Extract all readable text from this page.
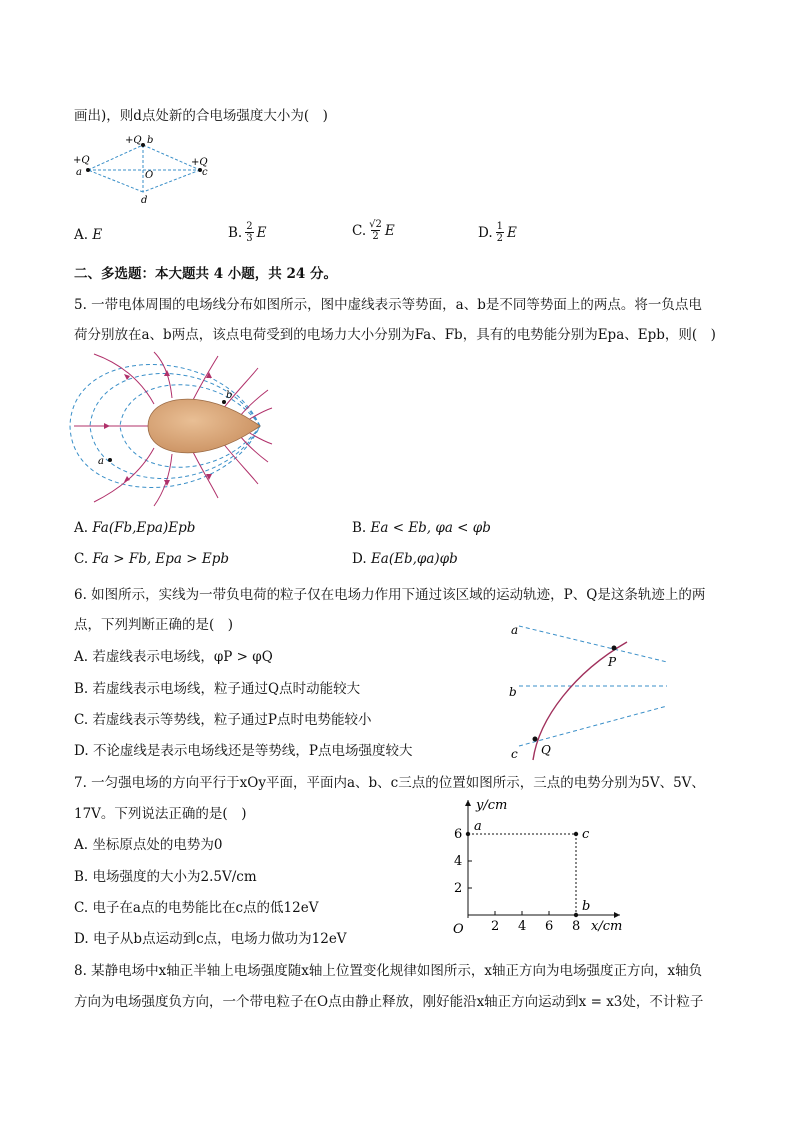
画出)，则d点处新的合电场强度大小为(　)
+Q b
+Q
a	O
+Q
c
d
A. E	B. 2
3 E	C. √2
2 E	D. 1
2 E
二、多选题：本大题共 4 小题，共 24 分。
5. 一带电体周围的电场线分布如图所示，图中虚线表示等势面，a、b是不同等势面上的两点。将一负点电
荷分别放在a、b两点，该点电荷受到的电场力大小分别为Fa、Fb，具有的电势能分别为Epa、Epb，则(　)
b
a
A. Fa(Fb,Epa)Epb	B. Ea < Eb, φa < φb
C. Fa > Fb, Epa > Epb	D. Ea(Eb,φa)φb
6. 如图所示，实线为一带负电荷的粒子仅在电场力作用下通过该区域的运动轨迹，P、Q是这条轨迹上的两
点，下列判断正确的是(　)
A. 若虚线表示电场线，φP > φQ
B. 若虚线表示电场线，粒子通过Q点时动能较大
C. 若虚线表示等势线，粒子通过P点时电势能较小
D. 不论虚线是表示电场线还是等势线，P点电场强度较大
a
b
c
P
Q
7. 一匀强电场的方向平行于xOy平面，平面内a、b、c三点的位置如图所示，三点的电势分别为5V、5V、
17V。下列说法正确的是(　)
A. 坐标原点处的电势为0
B. 电场强度的大小为2.5V/cm
C. 电子在a点的电势能比在c点的低12eV
D. 电子从b点运动到c点，电场力做功为12eV
y/cm
x/cm
O
2
4
6
2 4 6 8
a
c
b
8. 某静电场中x轴正半轴上电场强度随x轴上位置变化规律如图所示，x轴正方向为电场强度正方向，x轴负
方向为电场强度负方向，一个带电粒子在O点由静止释放，刚好能沿x轴正方向运动到x = x3处，不计粒子
